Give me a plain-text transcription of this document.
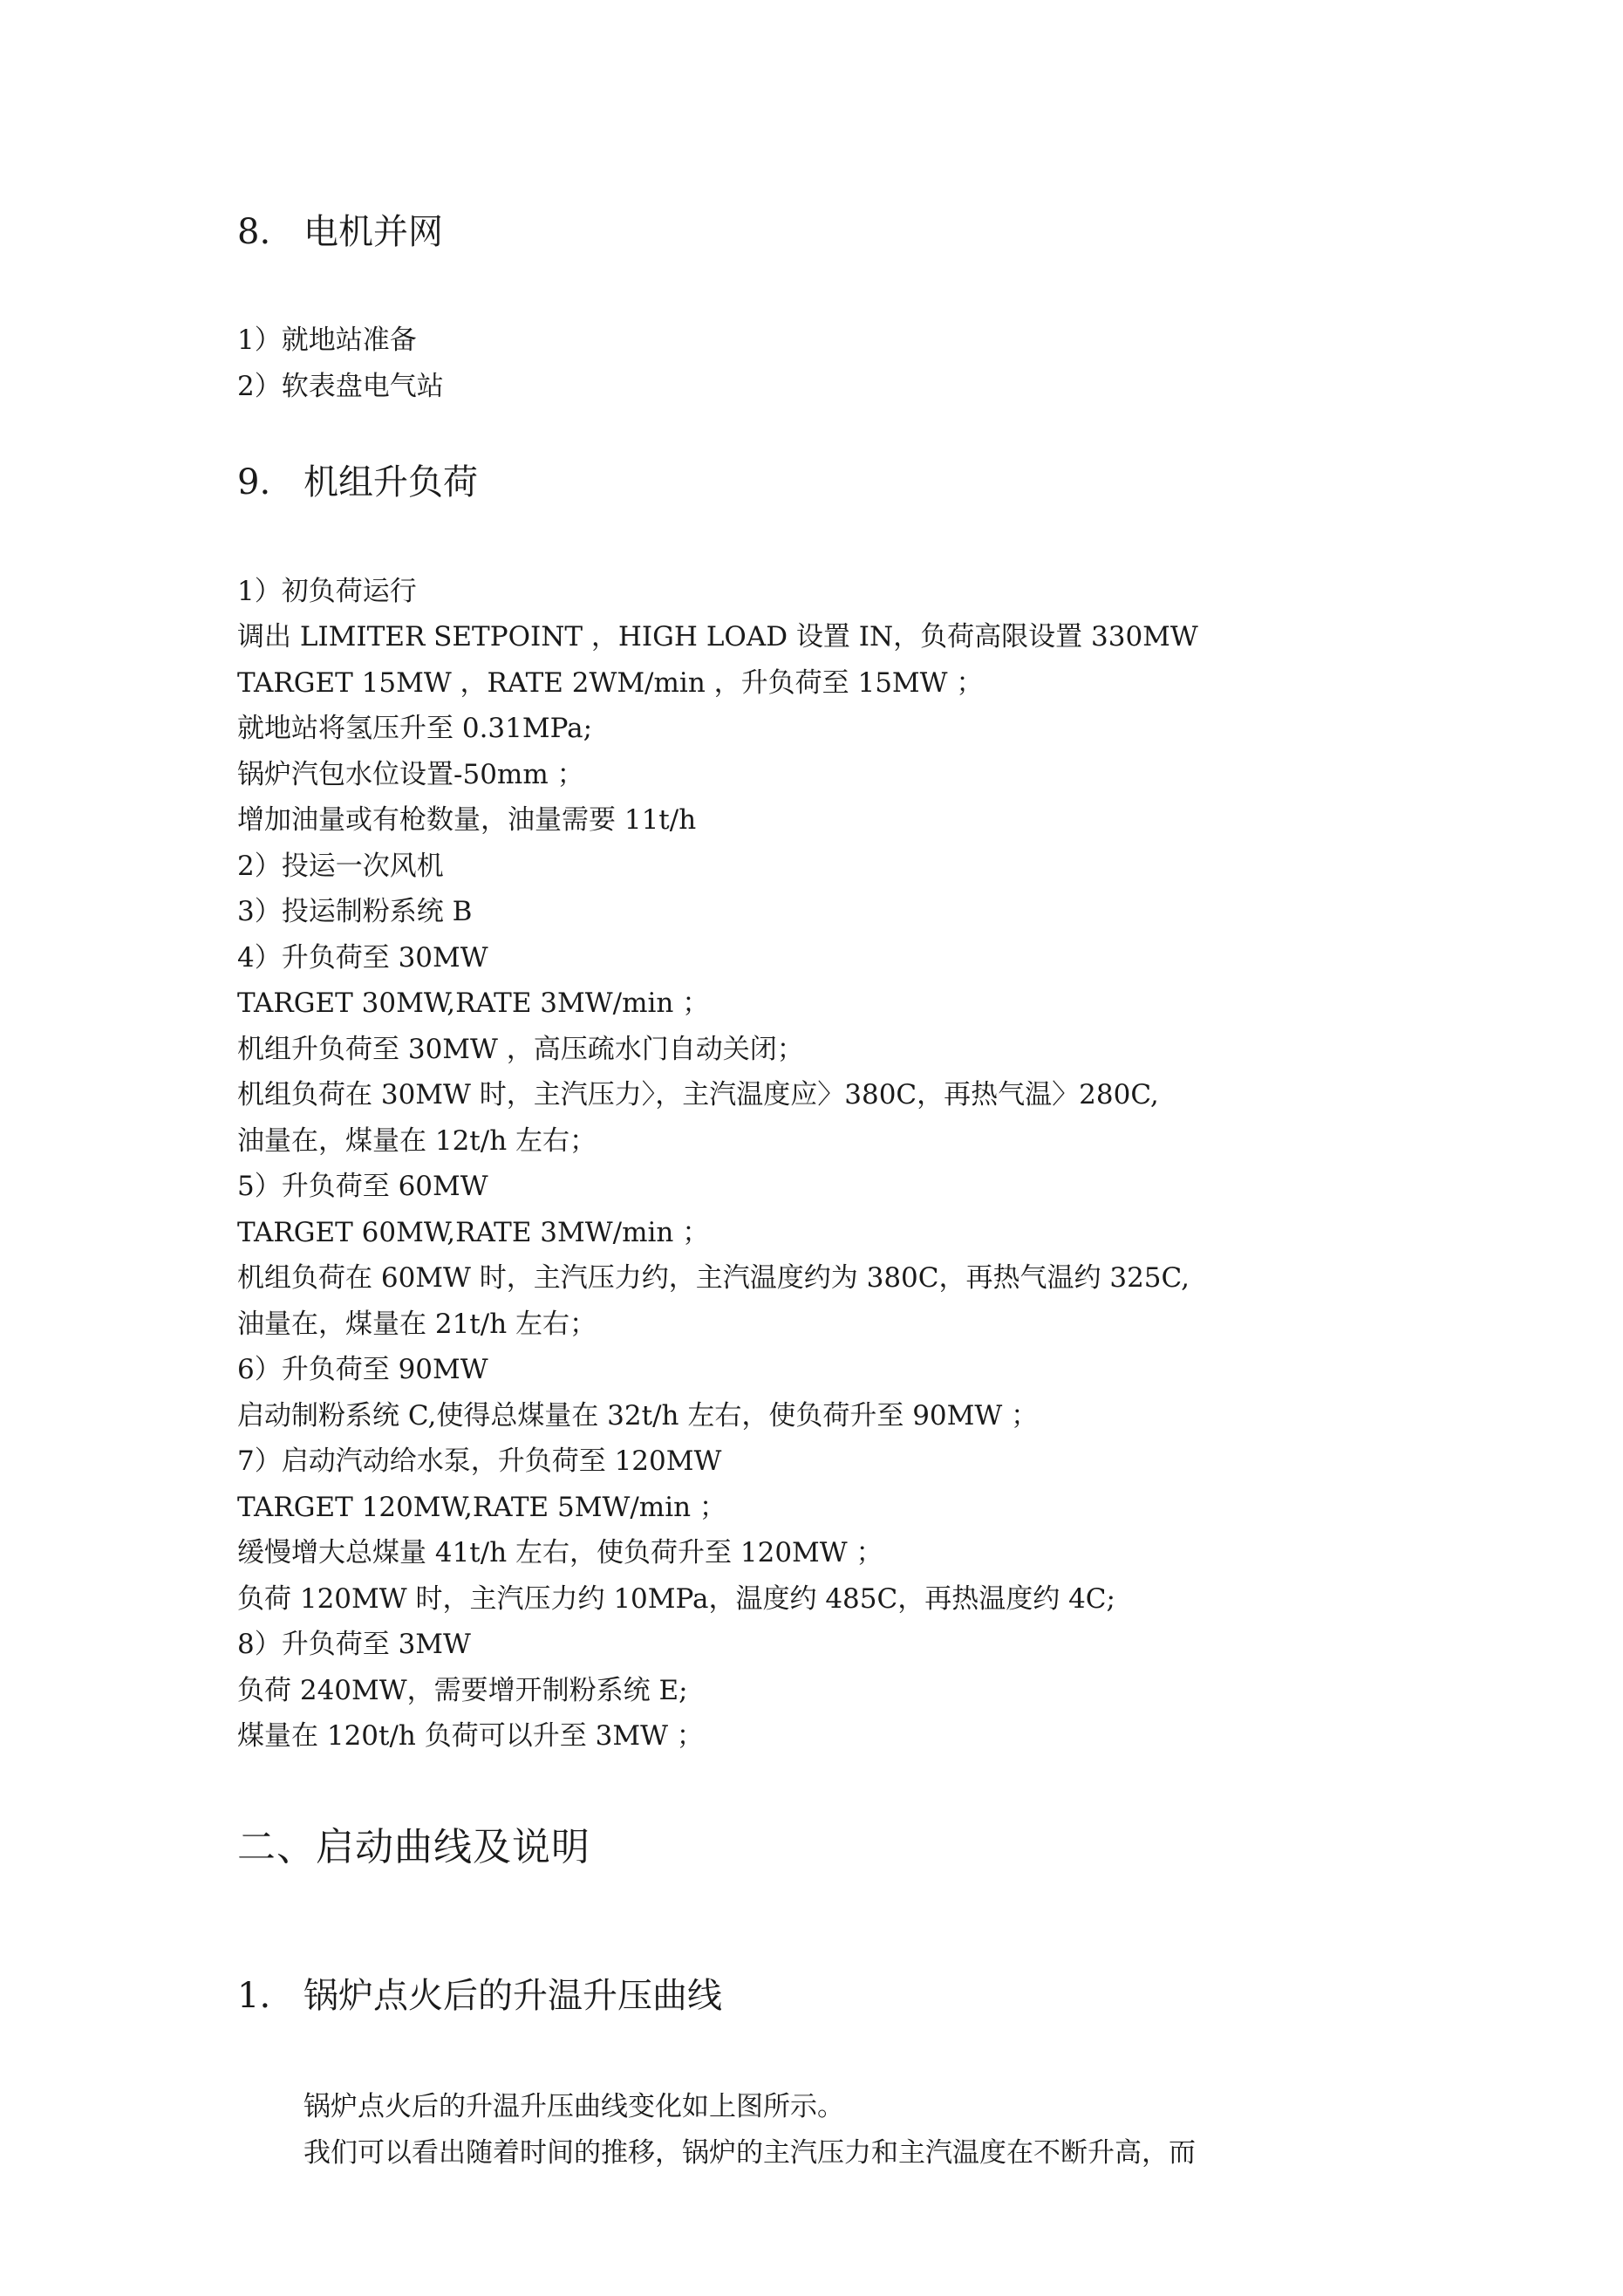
8. 电机并网
1）就地站准备
2）软表盘电气站
9. 机组升负荷
1）初负荷运行
调出 LIMITER SETPOINT ，HIGH LOAD 设置 IN，负荷高限设置 330MW
TARGET 15MW ，RATE 2WM/min ，升负荷至 15MW ；
就地站将氢压升至 0.31MPa;
锅炉汽包水位设置-50mm ；
增加油量或有枪数量，油量需要 11t/h
2）投运一次风机
3）投运制粉系统 B
4）升负荷至 30MW
TARGET 30MW,RATE 3MW/min ；
机组升负荷至 30MW ，高压疏水门自动关闭；
机组负荷在 30MW 时，主汽压力〉，主汽温度应〉380C，再热气温〉280C,
油量在，煤量在 12t/h 左右；
5）升负荷至 60MW
TARGET 60MW,RATE 3MW/min ；
机组负荷在 60MW 时，主汽压力约，主汽温度约为 380C，再热气温约 325C,
油量在，煤量在 21t/h 左右；
6）升负荷至 90MW
启动制粉系统 C,使得总煤量在 32t/h 左右，使负荷升至 90MW ；
7）启动汽动给水泵，升负荷至 120MW
TARGET 120MW,RATE 5MW/min ；
缓慢增大总煤量 41t/h 左右，使负荷升至 120MW ；
负荷 120MW 时，主汽压力约 10MPa，温度约 485C，再热温度约 4C;
8）升负荷至 3MW
负荷 240MW，需要增开制粉系统 E;
煤量在 120t/h 负荷可以升至 3MW ；
二、启动曲线及说明
1. 锅炉点火后的升温升压曲线
锅炉点火后的升温升压曲线变化如上图所示。
我们可以看出随着时间的推移，锅炉的主汽压力和主汽温度在不断升高，而
